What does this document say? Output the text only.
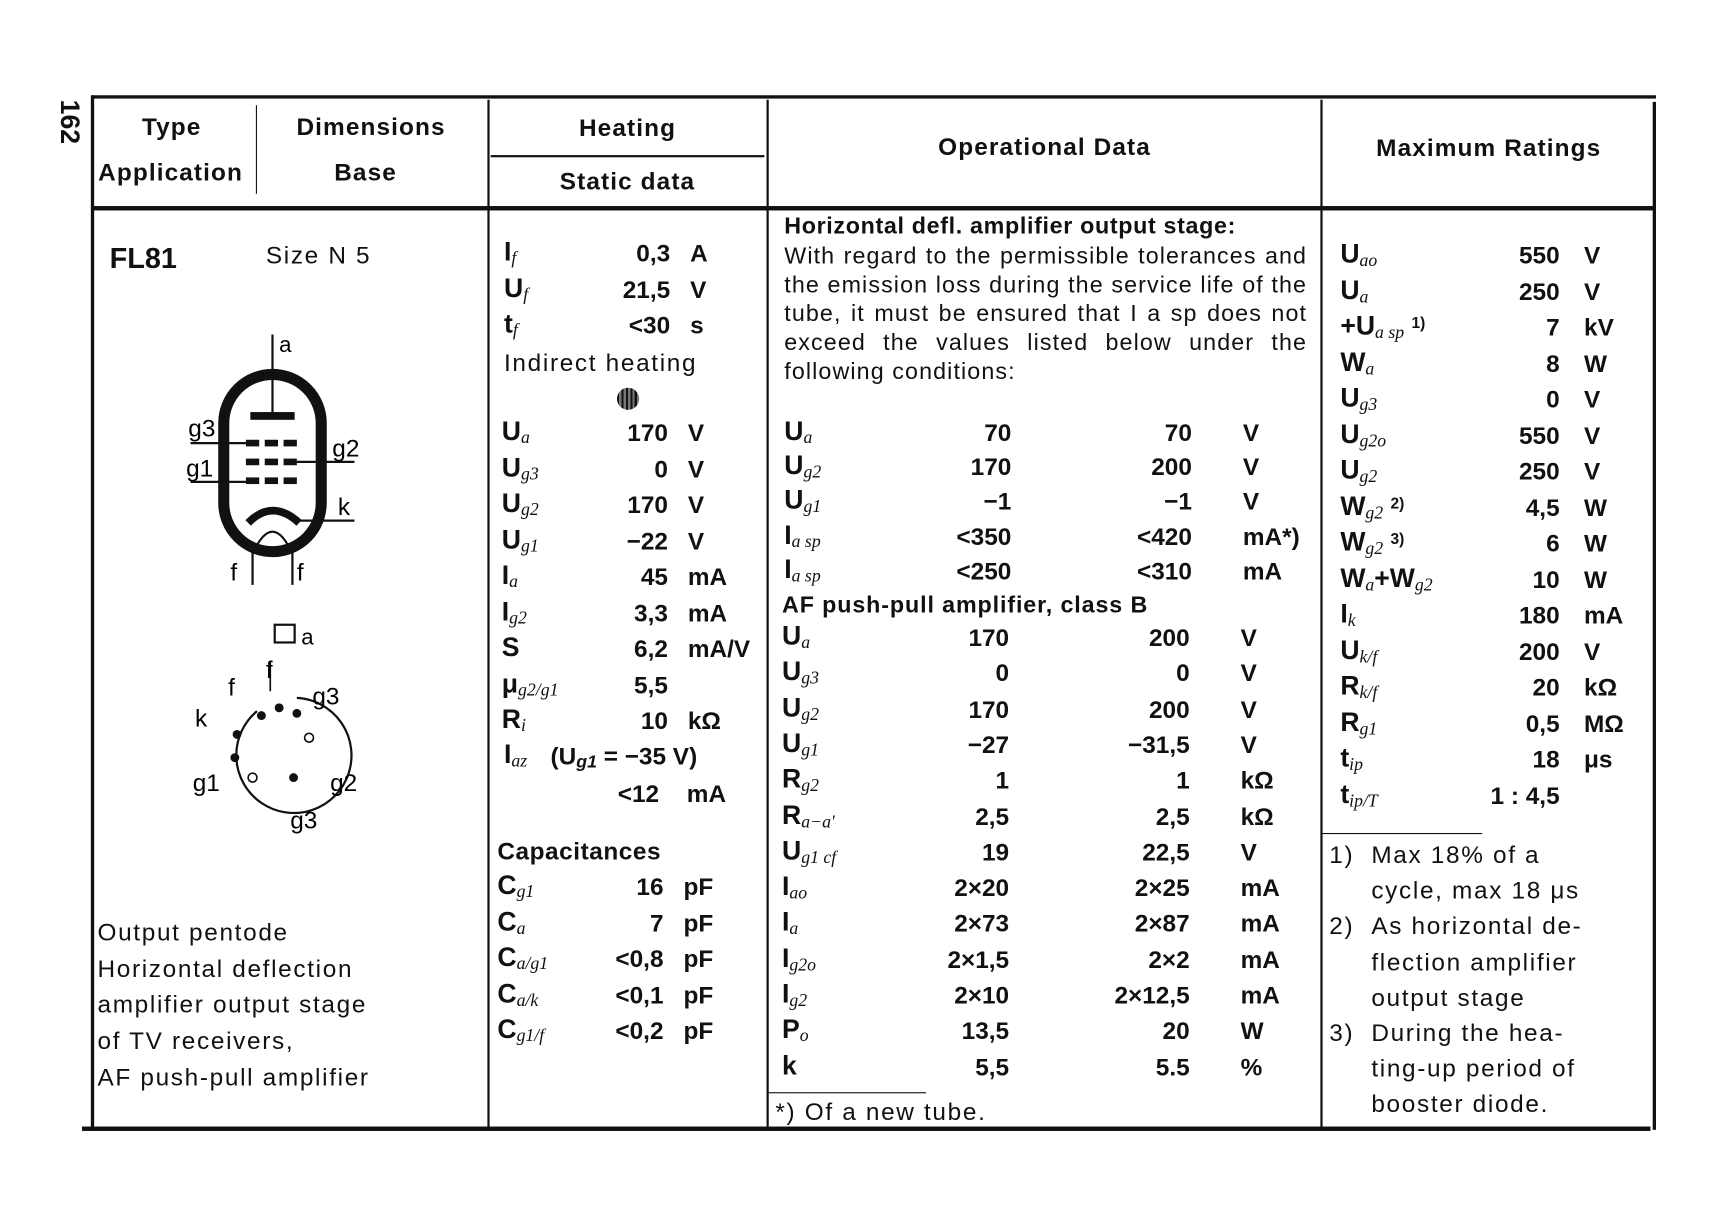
162	Type
Application
Dimensions
Base
Heating
Static data
Operational Data	Maximum Ratings
FL81	Size N 5
a
g3
g1
g2
k
f	f
a
f
f
g3
k
g1	g2
g3
Output pentode
Horizontal deflection
amplifier output stage
of TV receivers,
AF push-pull amplifier
$I_f$	0,3 A
$U_f$	21,5 V
$t_f$	<30 s
Indirect heating
$U_a$	170 V
$U_{g3}$	0 V
$U_{g2}$	170 V
$U_{g1}$	−22 V
$I_a$	45 mA
$I_{g2}$	3,3 mA
S	6,2 mA/V
$\mu_{g2/g1}$	5,5
$R_i$	10 kΩ
$I_{az}$ ($U_{g1} = -35$ V)
<12 mA
Capacitances
$C_{g1}$	16 pF
$C_a$	7 pF
$C_{a/g1}$	<0,8 pF
$C_{a/k}$	<0,1 pF
$C_{g1/f}$	<0,2 pF
Horizontal defl. amplifier output stage:
With regard to the permissible tolerances and the emission loss during the service life of the tube, it must be ensured that I a sp does not exceed the values listed below under the following conditions:
$U_a$	70	70 V
$U_{g2}$	170	200 V
$U_{g1}$	−1	−1 V
$I_{a sp}$	<350	<420 mA*)
$I_{a sp}$	<250	<310 mA
AF push-pull amplifier, class B
$U_a$	170	200 V
$U_{g3}$	0	0 V
$U_{g2}$	170	200 V
$U_{g1}$	−27	−31,5 V
$R_{g2}$	1	1 kΩ
$R_{a-a'}$	2,5	2,5 kΩ
$U_{g1 cf}$	19	22,5 V
$I_{ao}$	2×20	2×25 mA
$I_a$	2×73	2×87 mA
$I_{g2o}$	2×1,5	2×2 mA
$I_{g2}$	2×10	2×12,5 mA
$P_o$	13,5	20 W
k	5,5	5.5 %
*) Of a new tube.
$U_{ao}$	550 V
$U_a$	250 V
$+U_{a sp}$ $^{1)}$	7 kV
$W_a$	8 W
$U_{g3}$	0 V
$U_{g2o}$	550 V
$U_{g2}$	250 V
$W_{g2}$ $^{2)}$	4,5 W
$W_{g2}$ $^{3)}$	6 W
$W_a+W_{g2}$	10 W
$I_k$	180 mA
$U_{k/f}$	200 V
$R_{k/f}$	20 kΩ
$R_{g1}$	0,5 MΩ
$t_{ip}$	18 μs
$t_{ip/T}$	1 : 4,5
1) Max 18% of a
cycle, max 18 μs
2) As horizontal de-
flection amplifier
output stage
3) During the hea-
ting-up period of
booster diode.
